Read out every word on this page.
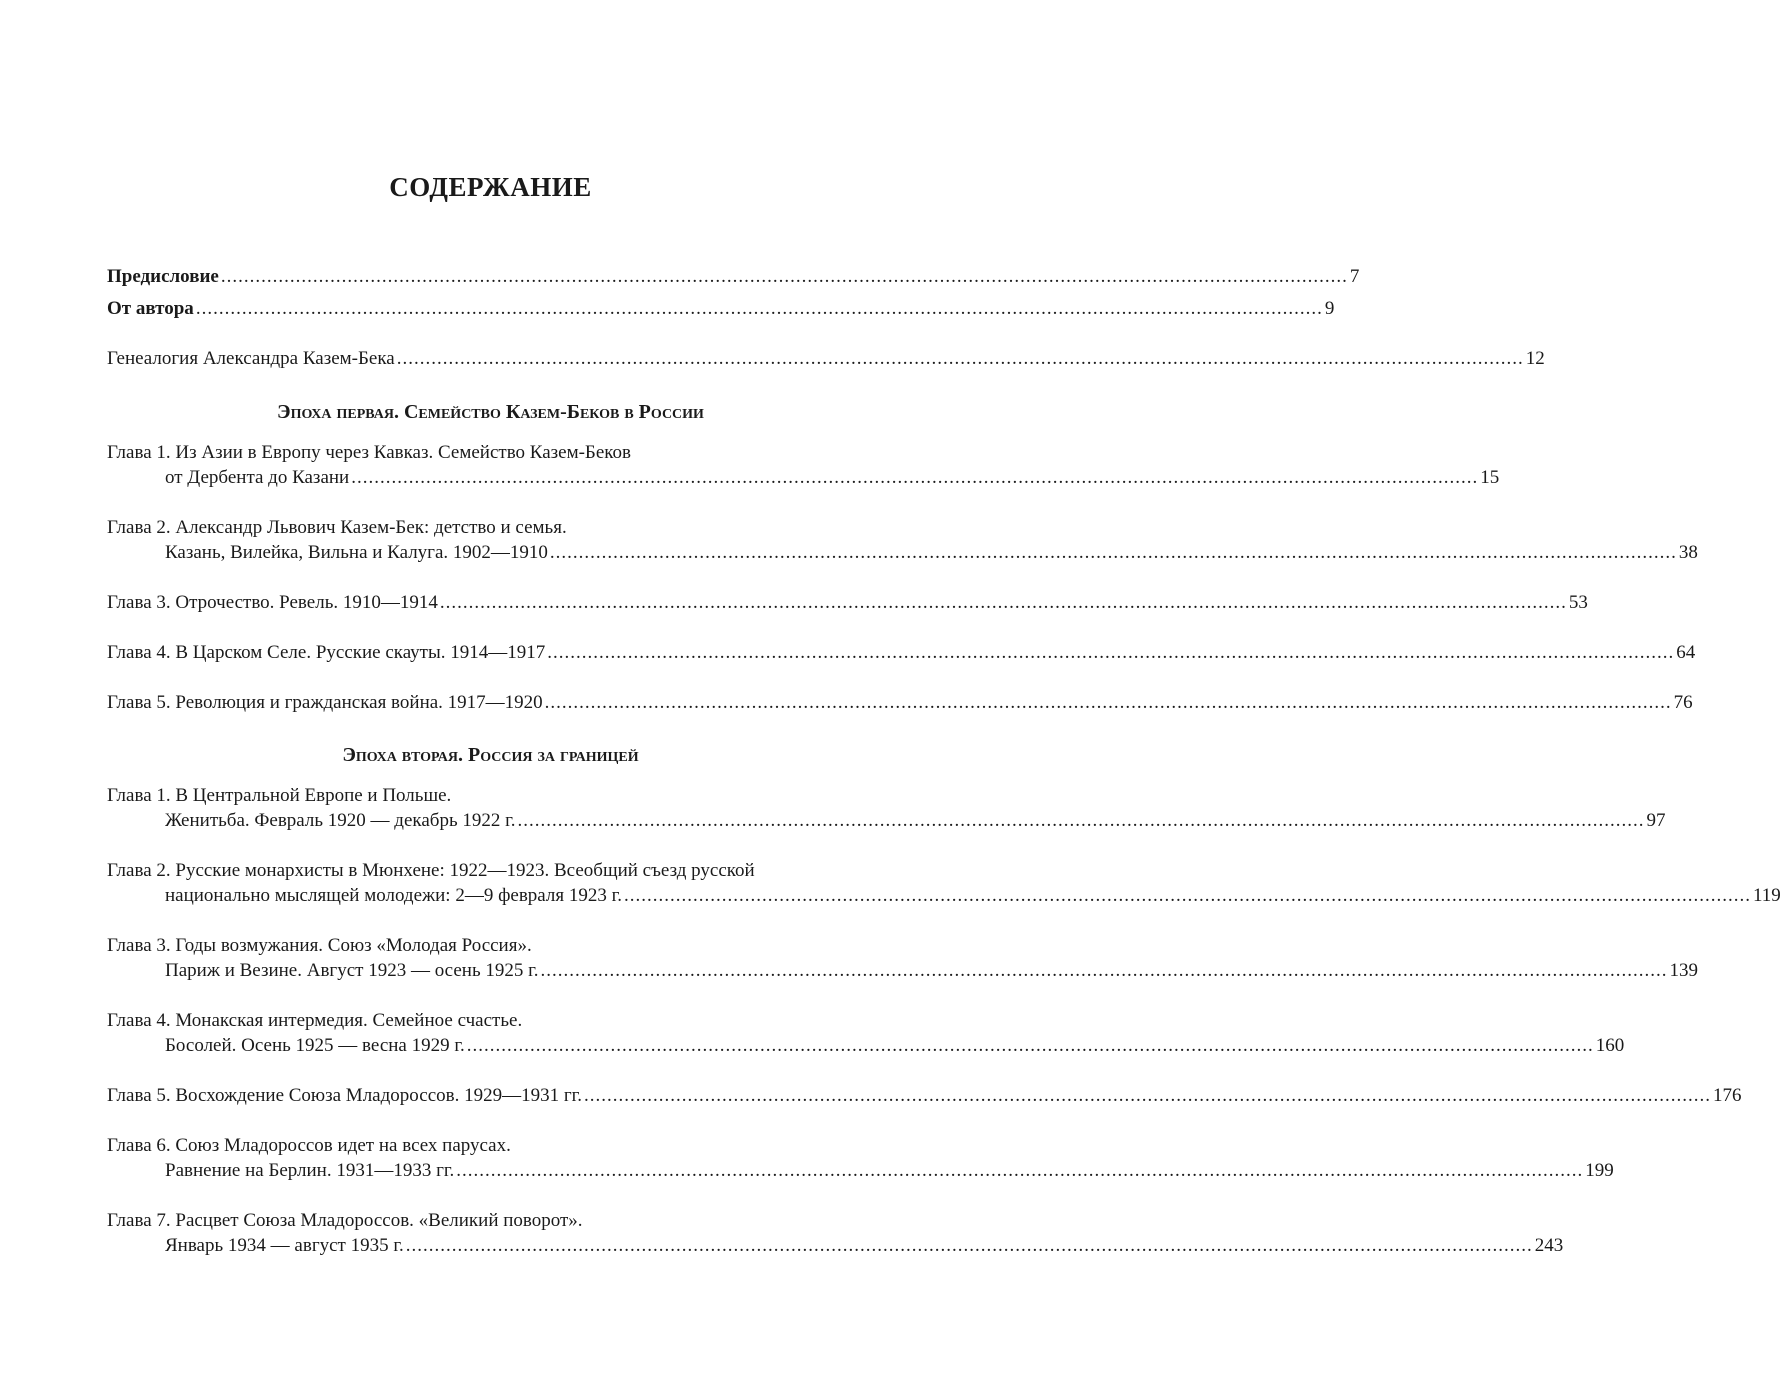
СОДЕРЖАНИЕ
Предисловие .................................................................................................................................................................................................... 7
От автора .................................................................................................................................................................................................... 9
Генеалогия Александра Казем-Бека .................................................................................................................................................................................................... 12
Эпоха первая. Семейство Казем-Беков в России
Глава 1. Из Азии в Европу через Кавказ. Семейство Казем-Беков
от Дербента до Казани .................................................................................................................................................................................................... 15
Глава 2. Александр Львович Казем-Бек: детство и семья.
Казань, Вилейка, Вильна и Калуга. 1902—1910 .................................................................................................................................................................................................... 38
Глава 3. Отрочество. Ревель. 1910—1914 .................................................................................................................................................................................................... 53
Глава 4. В Царском Селе. Русские скауты. 1914—1917 .................................................................................................................................................................................................... 64
Глава 5. Революция и гражданская война. 1917—1920 .................................................................................................................................................................................................... 76
Эпоха вторая. Россия за границей
Глава 1. В Центральной Европе и Польше.
Женитьба. Февраль 1920 — декабрь 1922 г. .................................................................................................................................................................................................... 97
Глава 2. Русские монархисты в Мюнхене: 1922—1923. Всеобщий съезд русской
национально мыслящей молодежи: 2—9 февраля 1923 г. .................................................................................................................................................................................................... 119
Глава 3. Годы возмужания. Союз «Молодая Россия».
Париж и Везине. Август 1923 — осень 1925 г. .................................................................................................................................................................................................... 139
Глава 4. Монакская интермедия. Семейное счастье.
Босолей. Осень 1925 — весна 1929 г. .................................................................................................................................................................................................... 160
Глава 5. Восхождение Союза Младороссов. 1929—1931 гг. .................................................................................................................................................................................................... 176
Глава 6. Союз Младороссов идет на всех парусах.
Равнение на Берлин. 1931—1933 гг. .................................................................................................................................................................................................... 199
Глава 7. Расцвет Союза Младороссов. «Великий поворот».
Январь 1934 — август 1935 г. .................................................................................................................................................................................................... 243
